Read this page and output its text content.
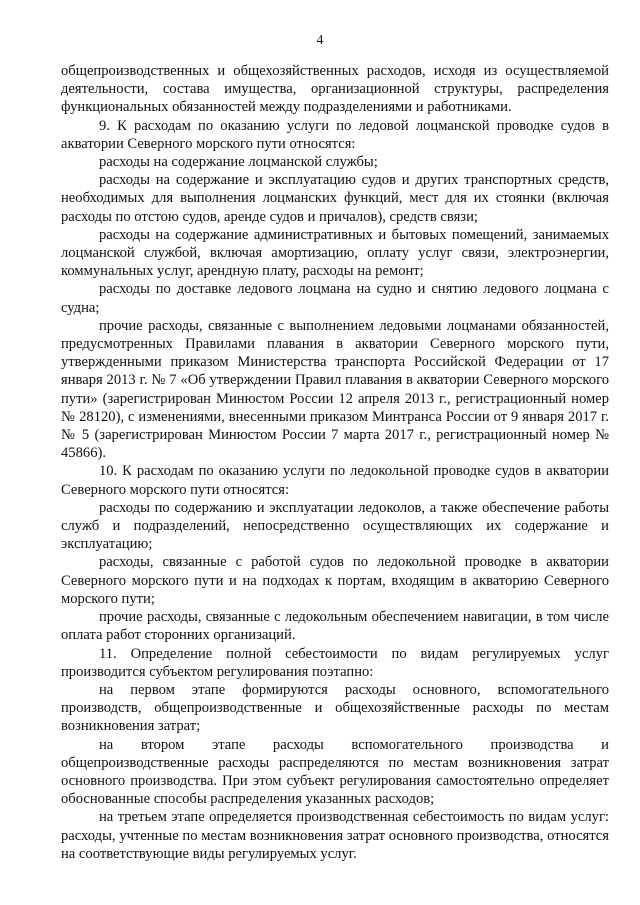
4

общепроизводственных и общехозяйственных расходов, исходя из осуществляемой деятельности, состава имущества, организационной структуры, распределения функциональных обязанностей между подразделениями и работниками.

9. К расходам по оказанию услуги по ледовой лоцманской проводке судов в акватории Северного морского пути относятся:

расходы на содержание лоцманской службы;

расходы на содержание и эксплуатацию судов и других транспортных средств, необходимых для выполнения лоцманских функций, мест для их стоянки (включая расходы по отстою судов, аренде судов и причалов), средств связи;

расходы на содержание административных и бытовых помещений, занимаемых лоцманской службой, включая амортизацию, оплату услуг связи, электроэнергии, коммунальных услуг, арендную плату, расходы на ремонт;

расходы по доставке ледового лоцмана на судно и снятию ледового лоцмана с судна;

прочие расходы, связанные с выполнением ледовыми лоцманами обязанностей, предусмотренных Правилами плавания в акватории Северного морского пути, утвержденными приказом Министерства транспорта Российской Федерации от 17 января 2013 г. № 7 «Об утверждении Правил плавания в акватории Северного морского пути» (зарегистрирован Минюстом России 12 апреля 2013 г., регистрационный номер № 28120), с изменениями, внесенными приказом Минтранса России от 9 января 2017 г. № 5 (зарегистрирован Минюстом России 7 марта 2017 г., регистрационный номер № 45866).

10. К расходам по оказанию услуги по ледокольной проводке судов в акватории Северного морского пути относятся:

расходы по содержанию и эксплуатации ледоколов, а также обеспечение работы служб и подразделений, непосредственно осуществляющих их содержание и эксплуатацию;

расходы, связанные с работой судов по ледокольной проводке в акватории Северного морского пути и на подходах к портам, входящим в акваторию Северного морского пути;

прочие расходы, связанные с ледокольным обеспечением навигации, в том числе оплата работ сторонних организаций.

11. Определение полной себестоимости по видам регулируемых услуг производится субъектом регулирования поэтапно:

на первом этапе формируются расходы основного, вспомогательного производств, общепроизводственные и общехозяйственные расходы по местам возникновения затрат;

на втором этапе расходы вспомогательного производства и общепроизводственные расходы распределяются по местам возникновения затрат основного производства. При этом субъект регулирования самостоятельно определяет обоснованные способы распределения указанных расходов;

на третьем этапе определяется производственная себестоимость по видам услуг: расходы, учтенные по местам возникновения затрат основного производства, относятся на соответствующие виды регулируемых услуг.
